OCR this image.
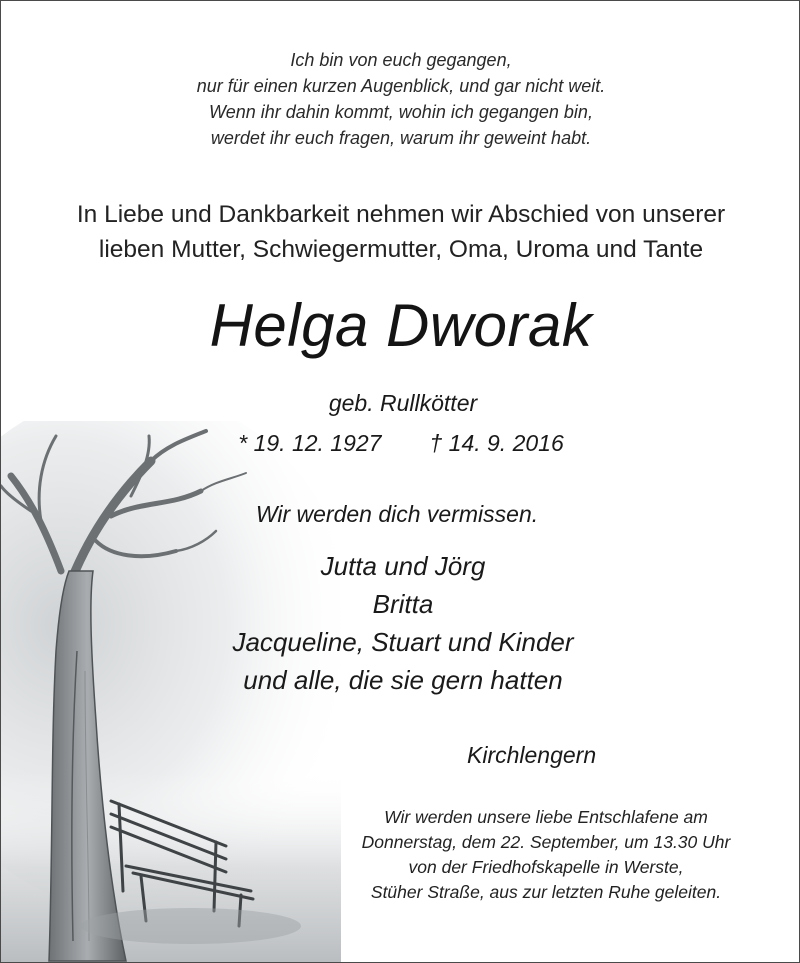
Ich bin von euch gegangen,
nur für einen kurzen Augenblick, und gar nicht weit.
Wenn ihr dahin kommt, wohin ich gegangen bin,
werdet ihr euch fragen, warum ihr geweint habt.
In Liebe und Dankbarkeit nehmen wir Abschied von unserer
lieben Mutter, Schwiegermutter, Oma, Uroma und Tante
Helga Dworak
geb. Rullkötter
* 19. 12. 1927 † 14. 9. 2016
Wir werden dich vermissen.
Jutta und Jörg
Britta
Jacqueline, Stuart und Kinder
und alle, die sie gern hatten
Kirchlengern
Wir werden unsere liebe Entschlafene am
Donnerstag, dem 22. September, um 13.30 Uhr
von der Friedhofskapelle in Werste,
Stüher Straße, aus zur letzten Ruhe geleiten.
